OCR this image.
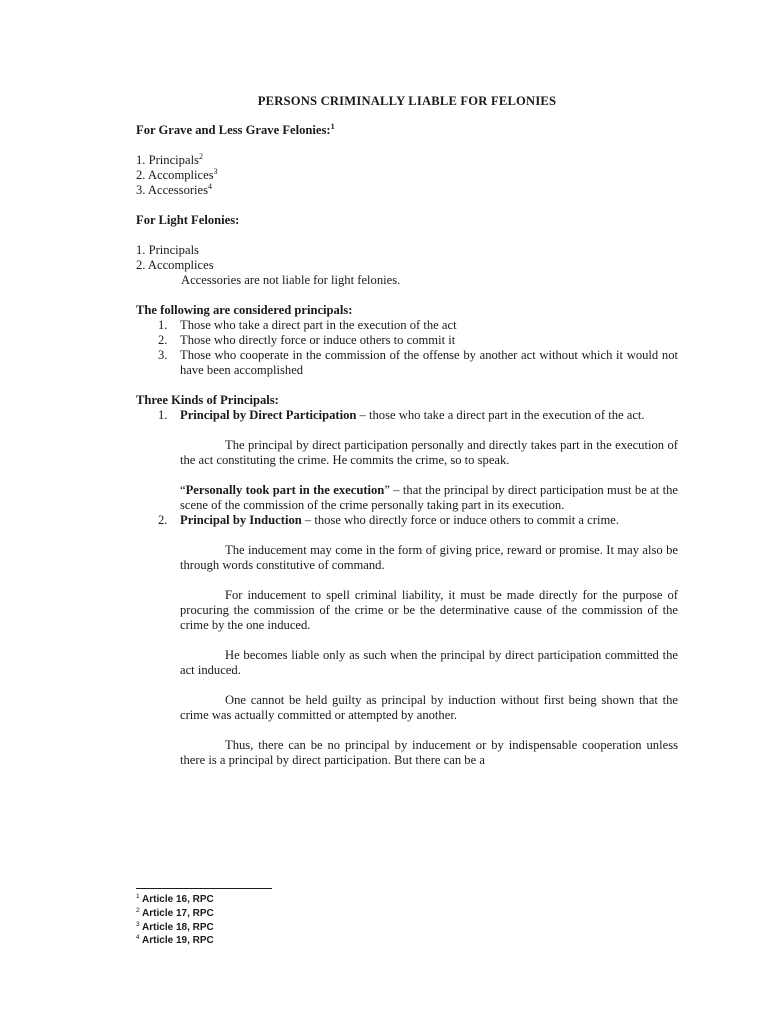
PERSONS CRIMINALLY LIABLE FOR FELONIES

For Grave and Less Grave Felonies:$^1$

1. Principals$^2$

2. Accomplices$^3$

3. Accessories$^4$

For Light Felonies:

1. Principals

2. Accomplices

Accessories are not liable for light felonies.

The following are considered principals:

1. Those who take a direct part in the execution of the act
2. Those who directly force or induce others to commit it
3. Those who cooperate in the commission of the offense by another act without which it would not have been accomplished

Three Kinds of Principals:

1. Principal by Direct Participation – those who take a direct part in the execution of the act.

The principal by direct participation personally and directly takes part in the execution of the act constituting the crime. He commits the crime, so to speak.

“Personally took part in the execution” – that the principal by direct participation must be at the scene of the commission of the crime personally taking part in its execution.

2. Principal by Induction – those who directly force or induce others to commit a crime.

The inducement may come in the form of giving price, reward or promise. It may also be through words constitutive of command.

For inducement to spell criminal liability, it must be made directly for the purpose of procuring the commission of the crime or be the determinative cause of the commission of the crime by the one induced.

He becomes liable only as such when the principal by direct participation committed the act induced.

One cannot be held guilty as principal by induction without first being shown that the crime was actually committed or attempted by another.

Thus, there can be no principal by inducement or by indispensable cooperation unless there is a principal by direct participation. But there can be a

$^1$ Article 16, RPC

$^2$ Article 17, RPC

$^3$ Article 18, RPC

$^4$ Article 19, RPC
